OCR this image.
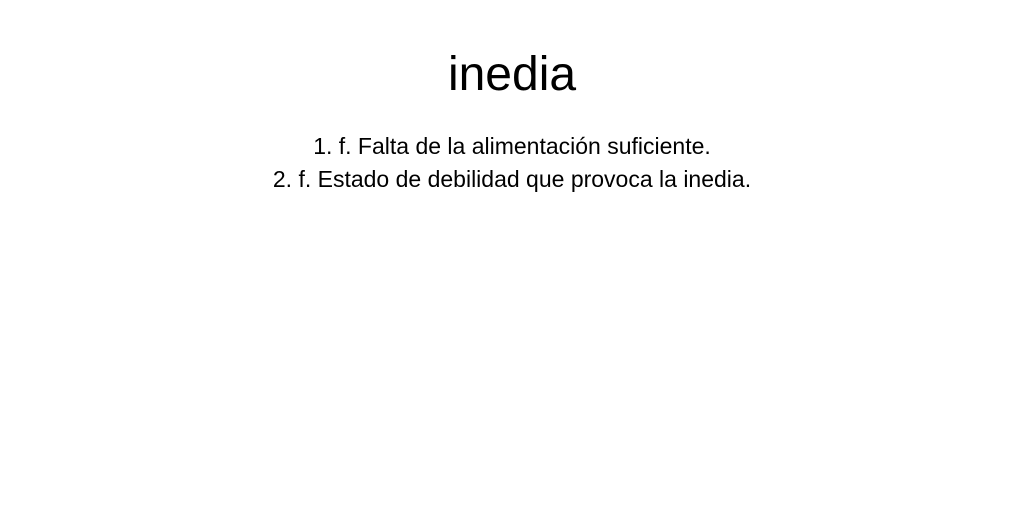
inedia
1. f. Falta de la alimentación suficiente.
2. f. Estado de debilidad que provoca la inedia.
